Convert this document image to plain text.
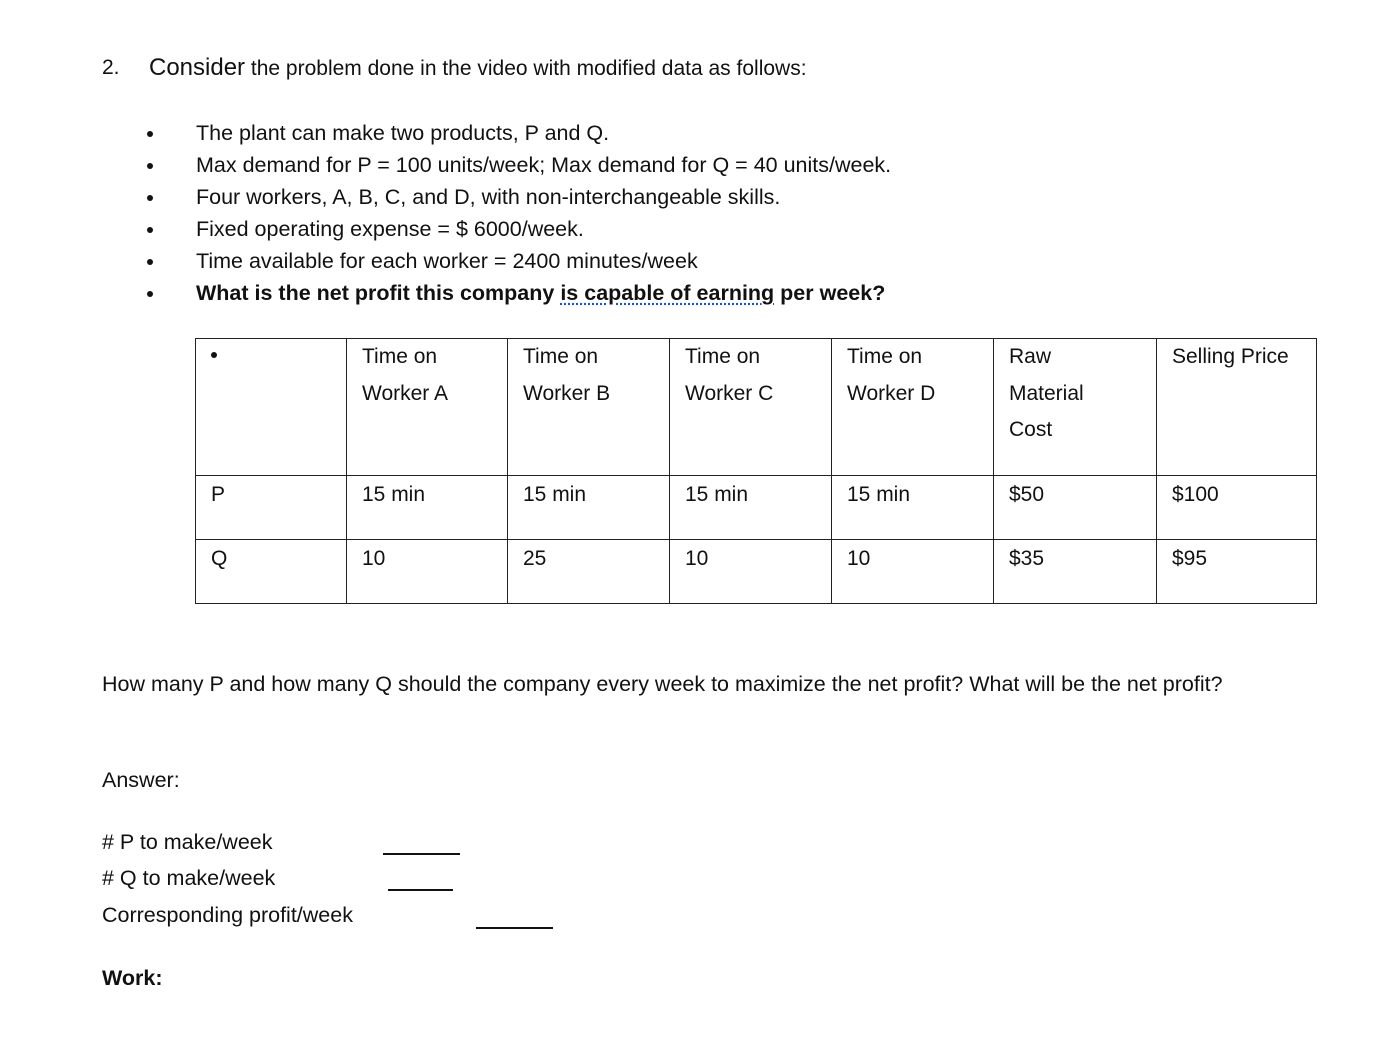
2. Consider the problem done in the video with modified data as follows:
The plant can make two products, P and Q.
Max demand for P = 100 units/week; Max demand for Q = 40 units/week.
Four workers, A, B, C, and D, with non-interchangeable skills.
Fixed operating expense = $ 6000/week.
Time available for each worker = 2400 minutes/week
What is the net profit this company is capable of earning per week?

	Time on
Worker A	Time on
Worker B	Time on
Worker C	Time on
Worker D	Raw
Material
Cost	Selling Price

P	15 min	15 min	15 min	15 min	$50	$100
Q	10	25	10	10	$35	$95
How many P and how many Q should the company every week to maximize the net profit? What will be the net profit?
Answer:
# P to make/week
# Q to make/week
Corresponding profit/week
Work:
